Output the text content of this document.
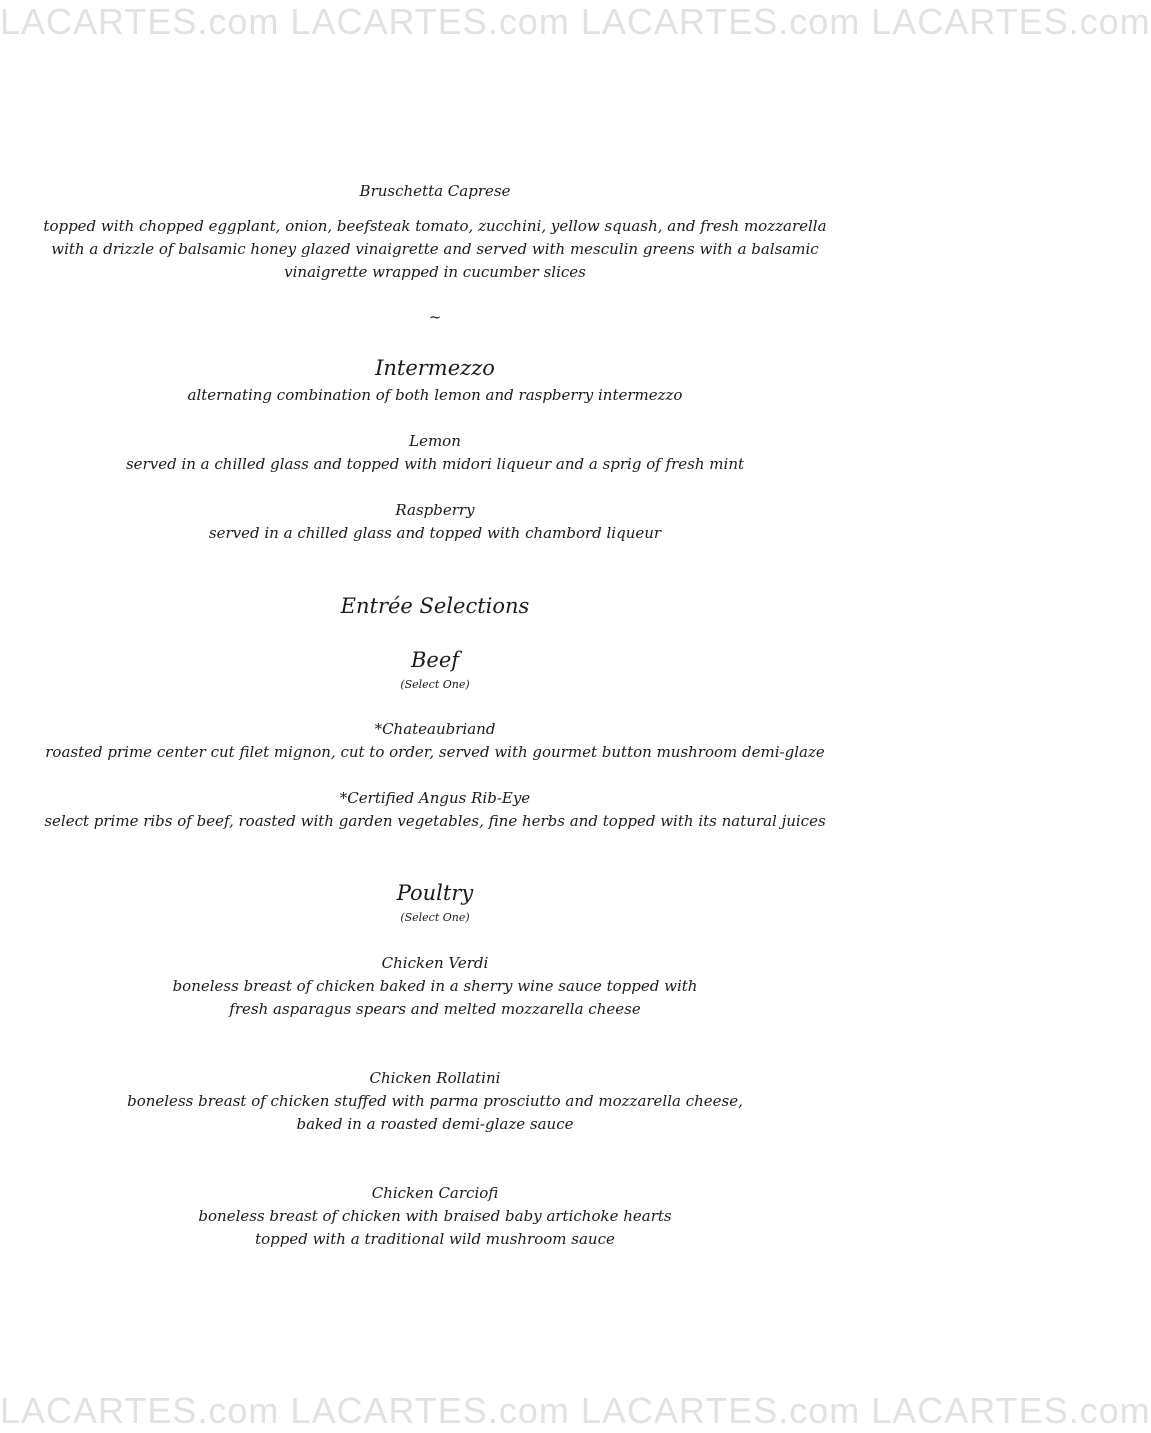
LACARTES.com LACARTES.com LACARTES.com LACARTES.com
Bruschetta Caprese
topped with chopped eggplant, onion, beefsteak tomato, zucchini, yellow squash, and fresh mozzarella
with a drizzle of balsamic honey glazed vinaigrette and served with mesculin greens with a balsamic
vinaigrette wrapped in cucumber slices
~
Intermezzo
alternating combination of both lemon and raspberry intermezzo
Lemon
served in a chilled glass and topped with midori liqueur and a sprig of fresh mint
Raspberry
served in a chilled glass and topped with chambord liqueur
Entrée Selections
Beef
(Select One)
*Chateaubriand
roasted prime center cut filet mignon, cut to order, served with gourmet button mushroom demi-glaze
*Certified Angus Rib-Eye
select prime ribs of beef, roasted with garden vegetables, fine herbs and topped with its natural juices
Poultry
(Select One)
Chicken Verdi
boneless breast of chicken baked in a sherry wine sauce topped with
fresh asparagus spears and melted mozzarella cheese
Chicken Rollatini
boneless breast of chicken stuffed with parma prosciutto and mozzarella cheese,
baked in a roasted demi-glaze sauce
Chicken Carciofi
boneless breast of chicken with braised baby artichoke hearts
topped with a traditional wild mushroom sauce
LACARTES.com LACARTES.com LACARTES.com LACARTES.com
